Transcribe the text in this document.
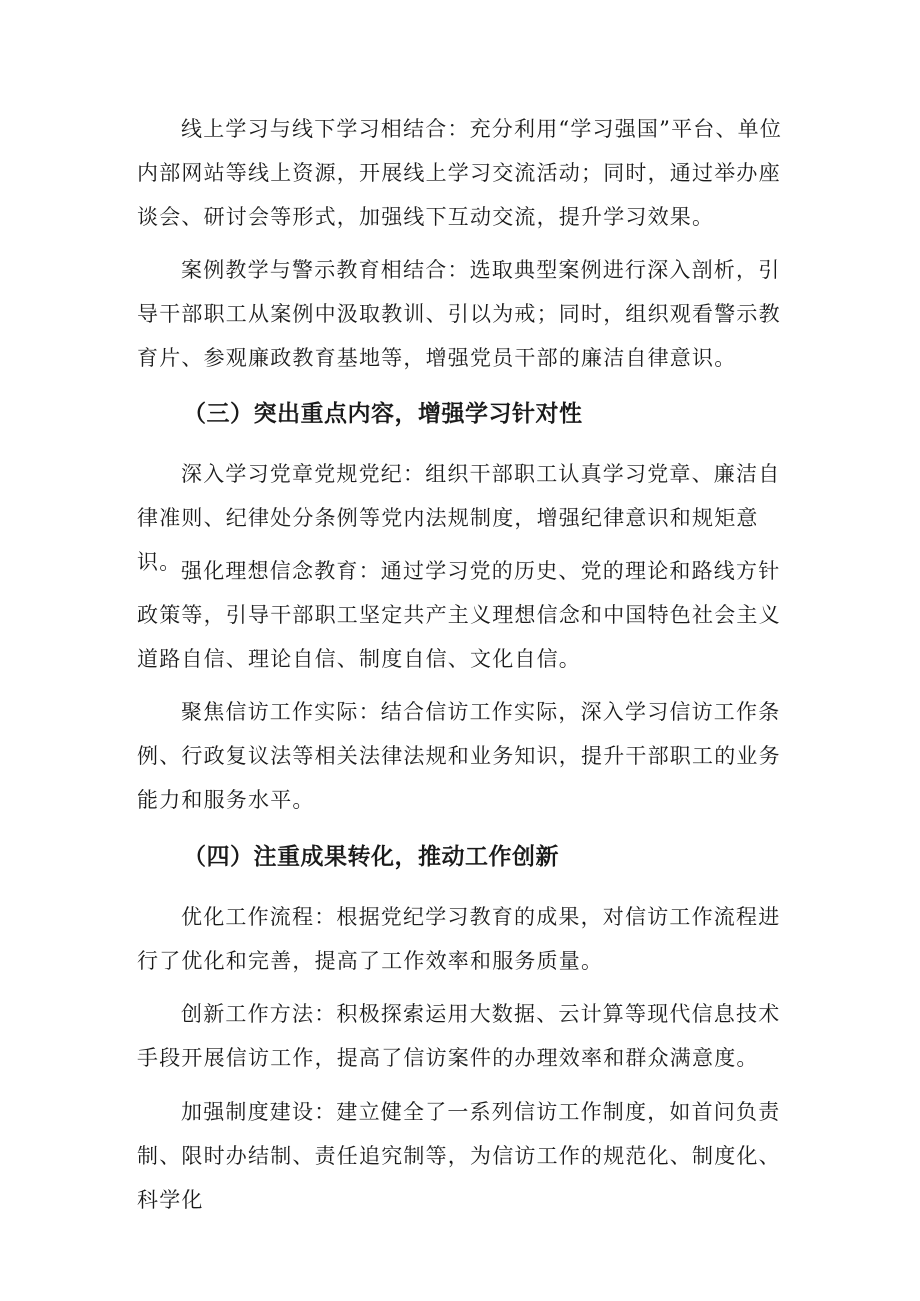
线上学习与线下学习相结合：充分利用“学习强国”平台、单位内部网站等线上资源，开展线上学习交流活动；同时，通过举办座谈会、研讨会等形式，加强线下互动交流，提升学习效果。

案例教学与警示教育相结合：选取典型案例进行深入剖析，引导干部职工从案例中汲取教训、引以为戒；同时，组织观看警示教育片、参观廉政教育基地等，增强党员干部的廉洁自律意识。

（三）突出重点内容，增强学习针对性

深入学习党章党规党纪：组织干部职工认真学习党章、廉洁自律准则、纪律处分条例等党内法规制度，增强纪律意识和规矩意识。 强化理想信念教育：通过学习党的历史、党的理论和路线方针政策等，引导干部职工坚定共产主义理想信念和中国特色社会主义道路自信、理论自信、制度自信、文化自信。

聚焦信访工作实际：结合信访工作实际，深入学习信访工作条例、行政复议法等相关法律法规和业务知识，提升干部职工的业务能力和服务水平。

（四）注重成果转化，推动工作创新

优化工作流程：根据党纪学习教育的成果，对信访工作流程进行了优化和完善，提高了工作效率和服务质量。

创新工作方法：积极探索运用大数据、云计算等现代信息技术手段开展信访工作，提高了信访案件的办理效率和群众满意度。

加强制度建设：建立健全了一系列信访工作制度，如首问负责制、限时办结制、责任追究制等，为信访工作的规范化、制度化、科学化
